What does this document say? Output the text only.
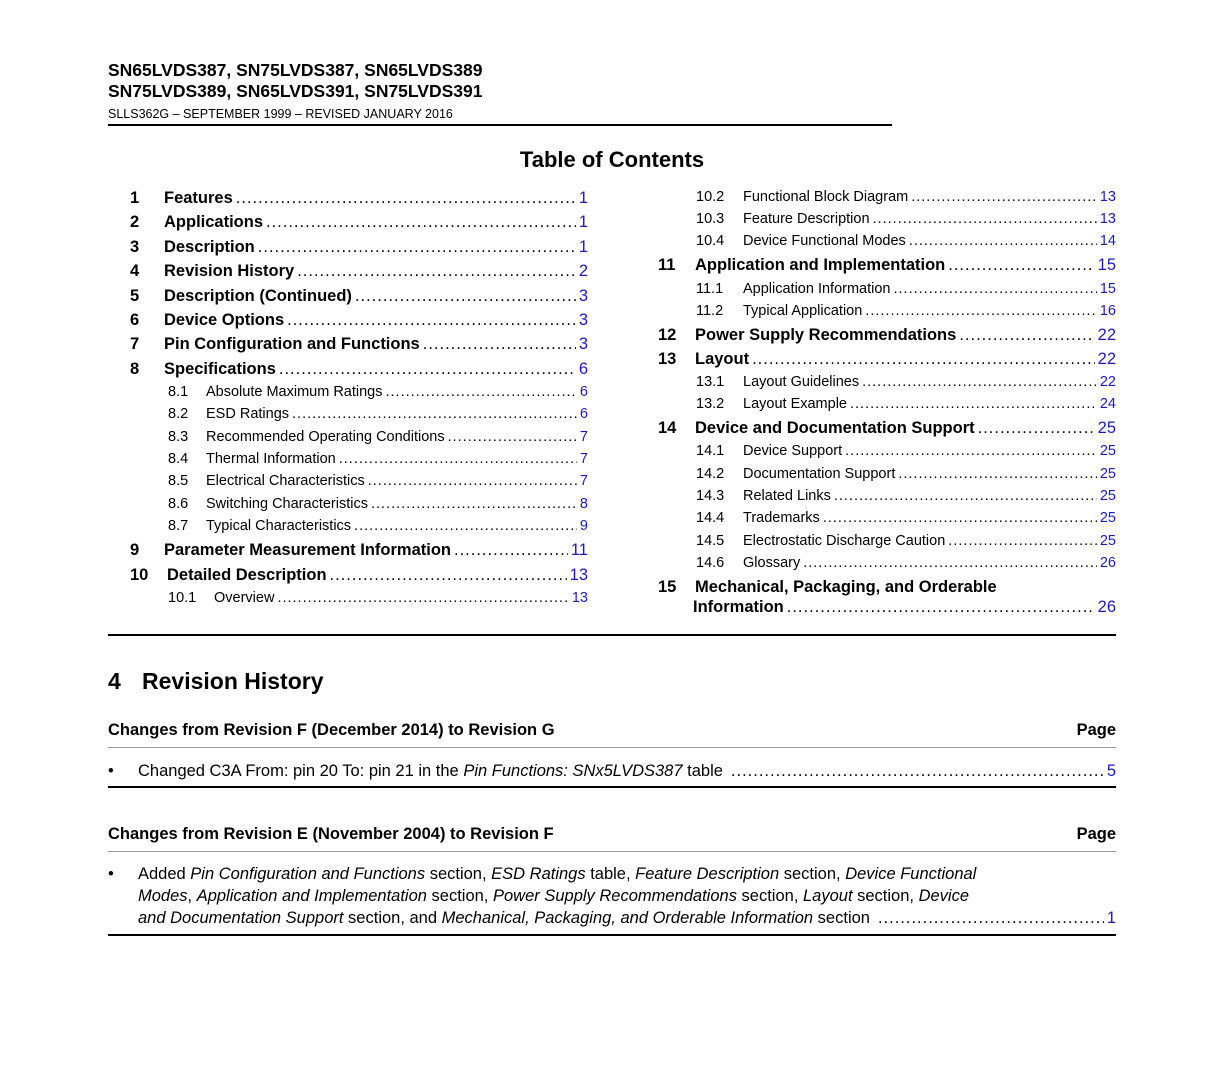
SN65LVDS387, SN75LVDS387, SN65LVDS389
SN75LVDS389, SN65LVDS391, SN75LVDS391
SLLS362G – SEPTEMBER 1999 – REVISED JANUARY 2016
Table of Contents
1	Features .....	1
2	Applications .....	1
3	Description .....	1
4	Revision History .....	2
5	Description (Continued) .....	3
6	Device Options .....	3
7	Pin Configuration and Functions .....	3
8	Specifications .....	6
8.1	Absolute Maximum Ratings .....	6
8.2	ESD Ratings .....	6
8.3	Recommended Operating Conditions .....	7
8.4	Thermal Information .....	7
8.5	Electrical Characteristics .....	7
8.6	Switching Characteristics .....	8
8.7	Typical Characteristics .....	9
9	Parameter Measurement Information .....	11
10	Detailed Description .....	13
10.1	Overview .....	13
10.2	Functional Block Diagram .....	13
10.3	Feature Description .....	13
10.4	Device Functional Modes .....	14
11	Application and Implementation .....	15
11.1	Application Information .....	15
11.2	Typical Application .....	16
12	Power Supply Recommendations .....	22
13	Layout .....	22
13.1	Layout Guidelines .....	22
13.2	Layout Example .....	24
14	Device and Documentation Support .....	25
14.1	Device Support .....	25
14.2	Documentation Support .....	25
14.3	Related Links .....	25
14.4	Trademarks .....	25
14.5	Electrostatic Discharge Caution .....	25
14.6	Glossary .....	26
15	Mechanical, Packaging, and Orderable
Information .....	26
4 Revision History
Changes from Revision F (December 2014) to Revision G	Page
• Changed C3A From: pin 20 To: pin 21 in the Pin Functions: SNx5LVDS387 table .....	5
Changes from Revision E (November 2004) to Revision F	Page
• Added Pin Configuration and Functions section, ESD Ratings table, Feature Description section, Device Functional
Modes, Application and Implementation section, Power Supply Recommendations section, Layout section, Device
and Documentation Support section, and Mechanical, Packaging, and Orderable Information section .....	1
